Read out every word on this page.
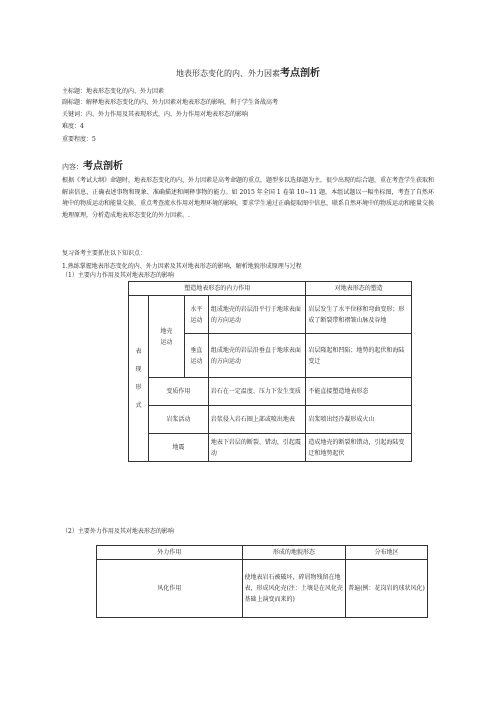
地表形态变化的内、外力因素考点剖析
主标题：地表形态变化的内、外力因素
副标题：解释地表形态变化的内、外力因素对地表形态的影响，利于学生备战高考
关键词：内、外力作用及其表现形式，内、外力作用对地表形态的影响
难度：4
重要程度：5
内容：考点剖析
根据《考试大纲》命题时，地表形态变化的内、外力因素是高考命题的重点，题型多以选择题为主，很少出现的综合题，重在考查学生获取和解读信息、正确表述事物和现象、准确描述和阐释事物的能力。如 2015 年全国 1 卷第 10~11 题，本组试题以一幅坐标图，考查了自然环境中的物质运动和能量交换、重点考查流水作用对地理环境的影响，要求学生通过正确提取图中信息，联系自然环境中的物质运动和能量交换地理原理，分析造成地表形态变化的外力因素。.
复习备考主要抓住以下知识点：
1.熟练掌握地表形态变化的内、外力因素及其对地表形态的影响，解析地貌形成原理与过程
（1）主要内力作用及其对地表形态的影响
塑造地表形态的内力作用				对地表形态的塑造
表现形式	地壳运动	水平运动	组成地壳的岩层沿平行于地球表面的方向运动	岩层发生了水平位移和弯曲变形；形成了断裂带和褶皱山脉及谷地
		垂直运动	组成地壳的岩层沿垂直于地球表面的方向运动	岩层隆起和凹陷；地势的起伏和海陆变迁
	变质作用		岩石在一定温度、压力下发生变质	不能直接塑造地表形态
	岩浆活动		岩浆侵入岩石圈上部或喷出地表	岩浆喷出经冷凝形成火山
	地震		地表下岩层的断裂、错动，引起震动	造成地壳的断裂和错动，引起海陆变迁和地势起伏
（2）主要外力作用及其对地表形态的影响
外力作用	形成的地貌形态	分布地区
风化作用	使地表岩石被破坏，碎屑物残留在地表，形成风化壳(注：土壤是在风化壳基础上演变而来的)	普遍(例：花岗岩的球状风化)
